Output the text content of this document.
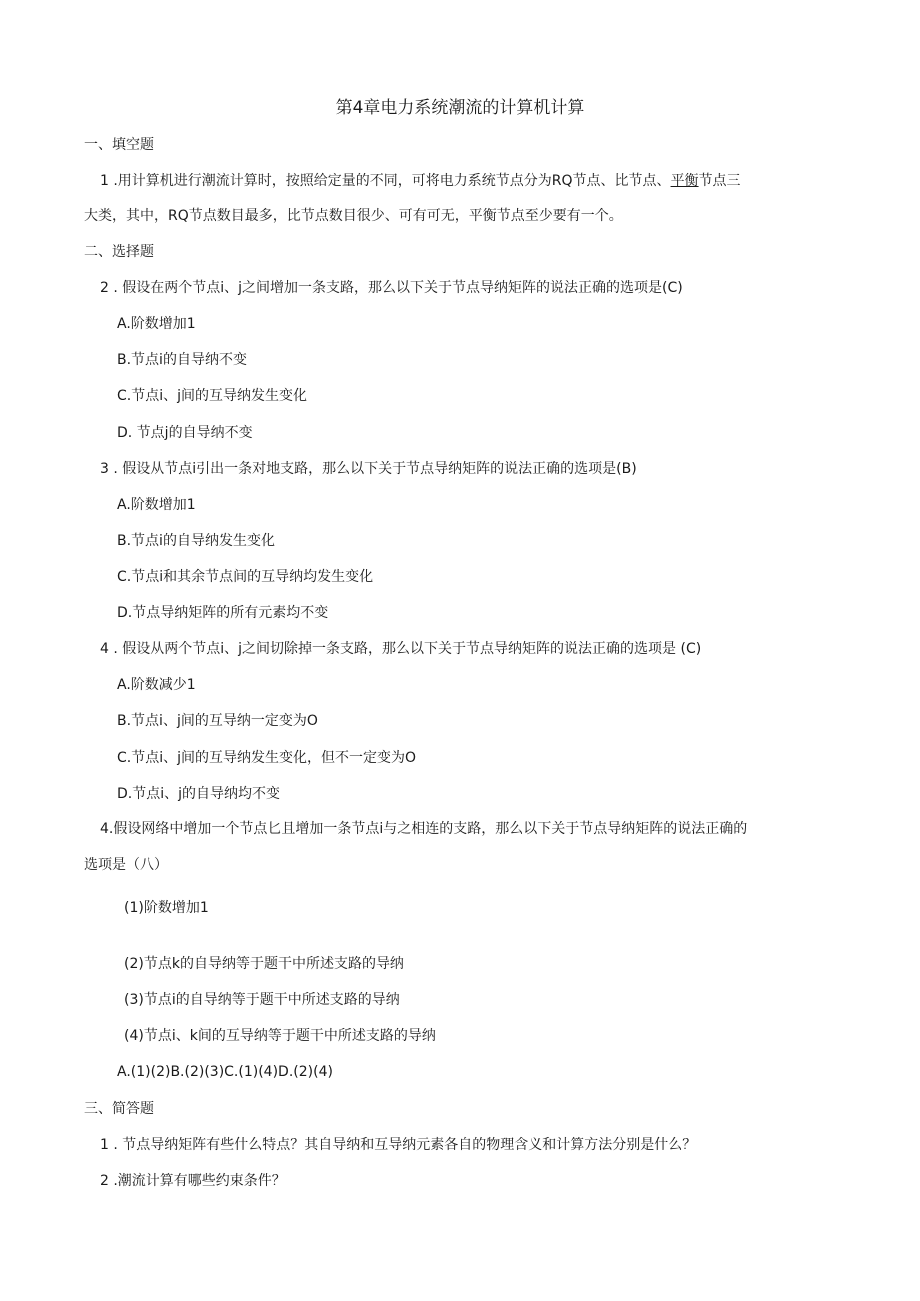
第4章电力系统潮流的计算机计算
一、填空题
1 .用计算机进行潮流计算时，按照给定量的不同，可将电力系统节点分为RQ节点、比节点、平衡节点三
大类，其中，RQ节点数目最多，比节点数目很少、可有可无，平衡节点至少要有一个。
二、选择题
2 . 假设在两个节点i、j之间增加一条支路，那么以下关于节点导纳矩阵的说法正确的选项是(C)
A.阶数增加1
B.节点i的自导纳不变
C.节点i、j间的互导纳发生变化
D. 节点j的自导纳不变
3 . 假设从节点i引出一条对地支路，那么以下关于节点导纳矩阵的说法正确的选项是(B)
A.阶数增加1
B.节点i的自导纳发生变化
C.节点i和其余节点间的互导纳均发生变化
D.节点导纳矩阵的所有元素均不变
4 . 假设从两个节点i、j之间切除掉一条支路，那么以下关于节点导纳矩阵的说法正确的选项是 (C)
A.阶数减少1
B.节点i、j间的互导纳一定变为O
C.节点i、j间的互导纳发生变化，但不一定变为O
D.节点i、j的自导纳均不变
4.假设网络中增加一个节点匕且增加一条节点i与之相连的支路，那么以下关于节点导纳矩阵的说法正确的
选项是（八）
(1)阶数增加1
(2)节点k的自导纳等于题干中所述支路的导纳
(3)节点i的自导纳等于题干中所述支路的导纳
(4)节点i、k间的互导纳等于题干中所述支路的导纳
A.(1)(2)B.(2)(3)C.(1)(4)D.(2)(4)
三、简答题
1 . 节点导纳矩阵有些什么特点？其自导纳和互导纳元素各自的物理含义和计算方法分别是什么？
2 .潮流计算有哪些约束条件？
